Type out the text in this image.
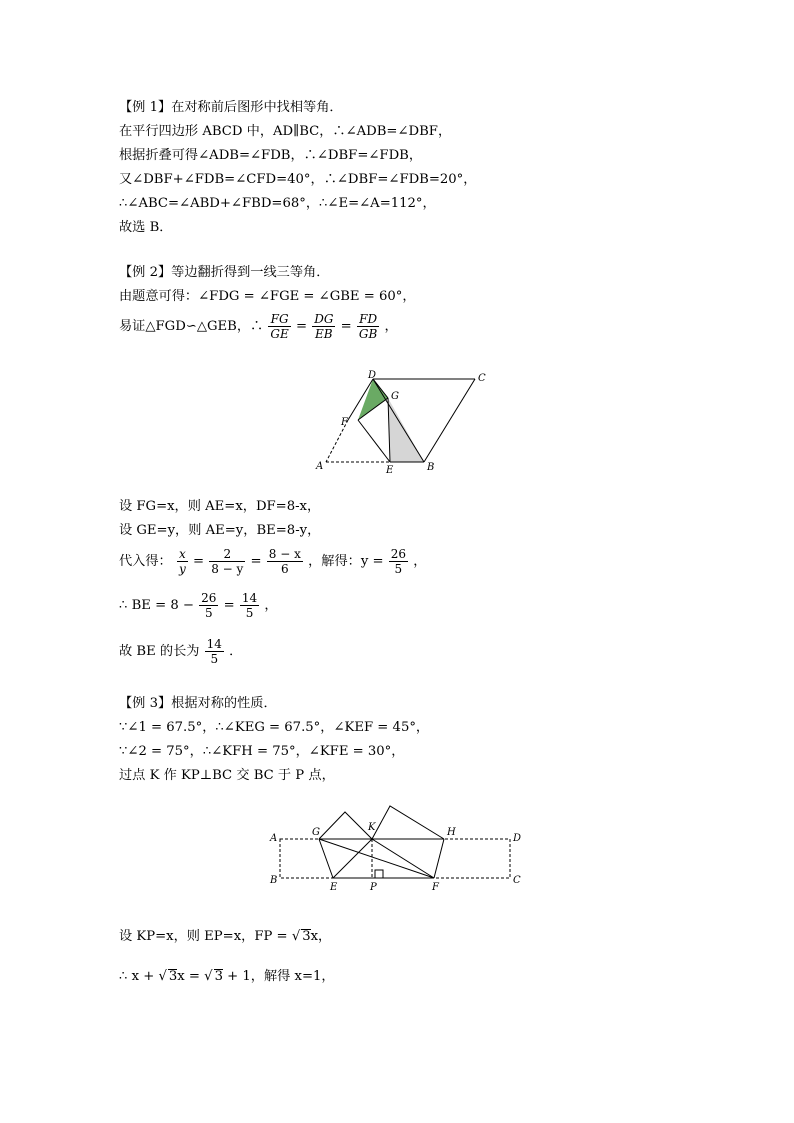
【例 1】在对称前后图形中找相等角．
在平行四边形 ABCD 中，AD∥BC，∴∠ADB=∠DBF，
根据折叠可得∠ADB=∠FDB，∴∠DBF=∠FDB，
又∠DBF+∠FDB=∠CFD=40°，∴∠DBF=∠FDB=20°，
∴∠ABC=∠ABD+∠FBD=68°，∴∠E=∠A=112°，
故选 B．
【例 2】等边翻折得到一线三等角．
由题意可得：∠FDG = ∠FGE = ∠GBE = 60°，
易证△FGD∽△GEB，∴ $\frac{FG}{GE} = \frac{DG}{EB} = \frac{FD}{GB}$ ，
D	C
G
F
A	E	B
设 FG=x，则 AE=x，DF=8-x，
设 GE=y，则 AE=y，BE=8-y，
代入得： $\frac{x}{y} = \frac{2}{8 - y} = \frac{8 - x}{6}$ ，解得：$y = \frac{26}{5}$ ，
∴ BE = $8 - \frac{26}{5} = \frac{14}{5}$ ，
故 BE 的长为 $\frac{14}{5}$ ．
【例 3】根据对称的性质．
∵∠1 = 67.5°，∴∠KEG = 67.5°，∠KEF = 45°，
∵∠2 = 75°，∴∠KFH = 75°，∠KFE = 30°，
过点 K 作 KP⊥BC 交 BC 于 P 点，
A
G	K	H
D
B
E	P	F
C
设 KP=x，则 EP=x，FP = √ 3x，
∴ x + √ 3x = √ 3 + 1，解得 x=1，
